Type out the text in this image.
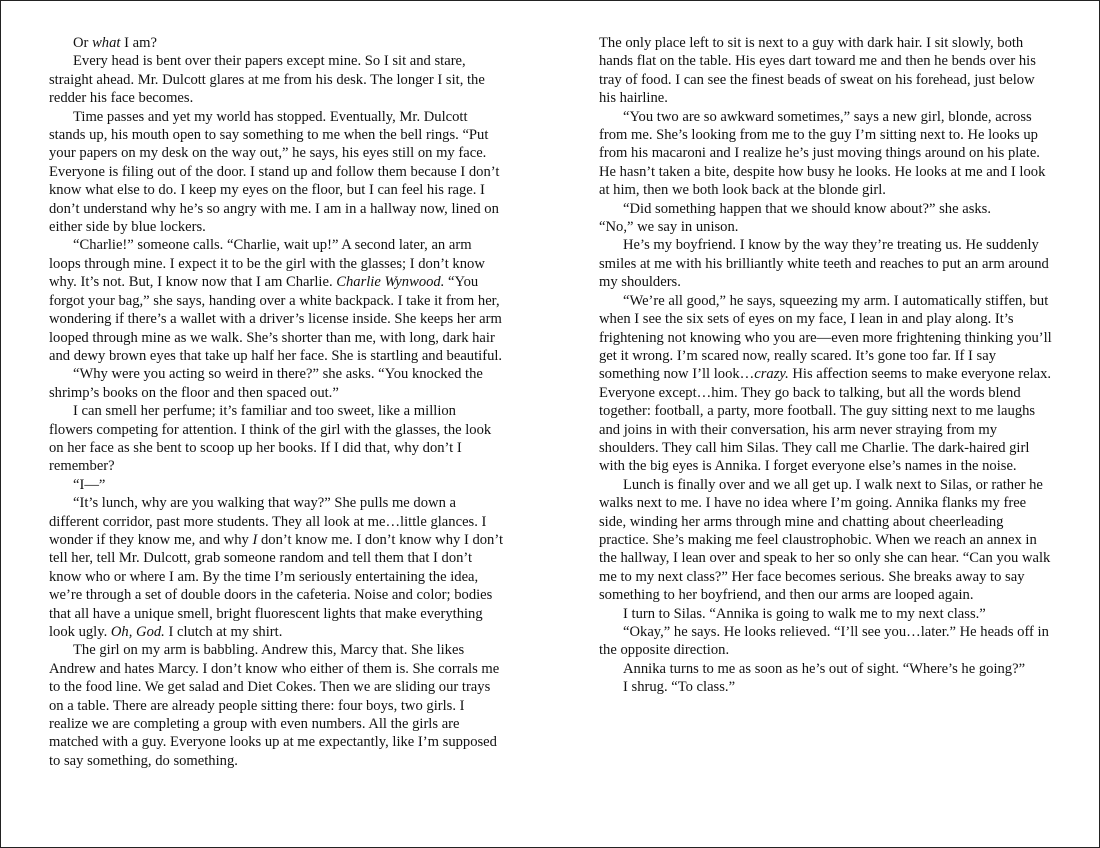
Or what I am?

Every head is bent over their papers except mine. So I sit and stare, straight ahead. Mr. Dulcott glares at me from his desk. The longer I sit, the redder his face becomes.

Time passes and yet my world has stopped. Eventually, Mr. Dulcott stands up, his mouth open to say something to me when the bell rings. “Put your papers on my desk on the way out,” he says, his eyes still on my face. Everyone is filing out of the door. I stand up and follow them because I don’t know what else to do. I keep my eyes on the floor, but I can feel his rage. I don’t understand why he’s so angry with me. I am in a hallway now, lined on either side by blue lockers.

“Charlie!” someone calls. “Charlie, wait up!” A second later, an arm loops through mine. I expect it to be the girl with the glasses; I don’t know why. It’s not. But, I know now that I am Charlie. Charlie Wynwood. “You forgot your bag,” she says, handing over a white backpack. I take it from her, wondering if there’s a wallet with a driver’s license inside. She keeps her arm looped through mine as we walk. She’s shorter than me, with long, dark hair and dewy brown eyes that take up half her face. She is startling and beautiful.

“Why were you acting so weird in there?” she asks. “You knocked the shrimp’s books on the floor and then spaced out.”

I can smell her perfume; it’s familiar and too sweet, like a million flowers competing for attention. I think of the girl with the glasses, the look on her face as she bent to scoop up her books. If I did that, why don’t I remember?

“I—”

“It’s lunch, why are you walking that way?” She pulls me down a different corridor, past more students. They all look at me…little glances. I wonder if they know me, and why I don’t know me. I don’t know why I don’t tell her, tell Mr. Dulcott, grab someone random and tell them that I don’t know who or where I am. By the time I’m seriously entertaining the idea, we’re through a set of double doors in the cafeteria. Noise and color; bodies that all have a unique smell, bright fluorescent lights that make everything look ugly. Oh, God. I clutch at my shirt.

The girl on my arm is babbling. Andrew this, Marcy that. She likes Andrew and hates Marcy. I don’t know who either of them is. She corrals me to the food line. We get salad and Diet Cokes. Then we are sliding our trays on a table. There are already people sitting there: four boys, two girls. I realize we are completing a group with even numbers. All the girls are matched with a guy. Everyone looks up at me expectantly, like I’m supposed to say something, do something.

The only place left to sit is next to a guy with dark hair. I sit slowly, both hands flat on the table. His eyes dart toward me and then he bends over his tray of food. I can see the finest beads of sweat on his forehead, just below his hairline.

“You two are so awkward sometimes,” says a new girl, blonde, across from me. She’s looking from me to the guy I’m sitting next to. He looks up from his macaroni and I realize he’s just moving things around on his plate. He hasn’t taken a bite, despite how busy he looks. He looks at me and I look at him, then we both look back at the blonde girl.

“Did something happen that we should know about?” she asks.

“No,” we say in unison.

He’s my boyfriend. I know by the way they’re treating us. He suddenly smiles at me with his brilliantly white teeth and reaches to put an arm around my shoulders.

“We’re all good,” he says, squeezing my arm. I automatically stiffen, but when I see the six sets of eyes on my face, I lean in and play along. It’s frightening not knowing who you are—even more frightening thinking you’ll get it wrong. I’m scared now, really scared. It’s gone too far. If I say something now I’ll look…crazy. His affection seems to make everyone relax. Everyone except…him. They go back to talking, but all the words blend together: football, a party, more football. The guy sitting next to me laughs and joins in with their conversation, his arm never straying from my shoulders. They call him Silas. They call me Charlie. The dark-haired girl with the big eyes is Annika. I forget everyone else’s names in the noise.

Lunch is finally over and we all get up. I walk next to Silas, or rather he walks next to me. I have no idea where I’m going. Annika flanks my free side, winding her arms through mine and chatting about cheerleading practice. She’s making me feel claustrophobic. When we reach an annex in the hallway, I lean over and speak to her so only she can hear. “Can you walk me to my next class?” Her face becomes serious. She breaks away to say something to her boyfriend, and then our arms are looped again.

I turn to Silas. “Annika is going to walk me to my next class.”

“Okay,” he says. He looks relieved. “I’ll see you…later.” He heads off in the opposite direction.

Annika turns to me as soon as he’s out of sight. “Where’s he going?”

I shrug. “To class.”
